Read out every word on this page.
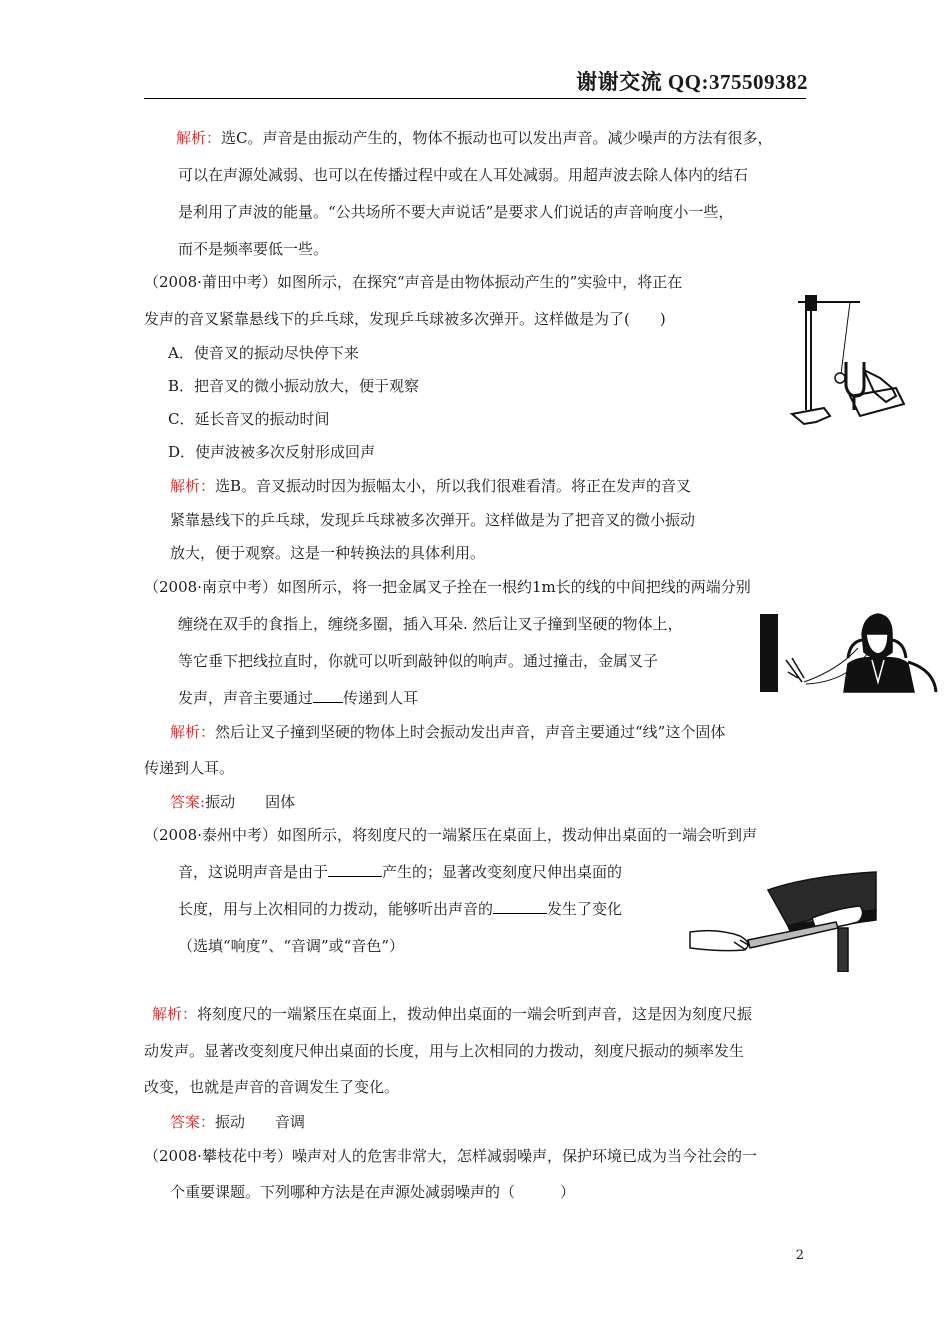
谢谢交流 QQ:375509382
解析：选C。声音是由振动产生的，物体不振动也可以发出声音。减少噪声的方法有很多，
可以在声源处减弱、也可以在传播过程中或在人耳处减弱。用超声波去除人体内的结石
是利用了声波的能量。“公共场所不要大声说话”是要求人们说话的声音响度小一些，
而不是频率要低一些。
（2008·莆田中考）如图所示，在探究“声音是由物体振动产生的”实验中，将正在
发声的音叉紧靠悬线下的乒乓球，发现乒乓球被多次弹开。这样做是为了(　　)
A．使音叉的振动尽快停下来
B．把音叉的微小振动放大，便于观察
C．延长音叉的振动时间
D．使声波被多次反射形成回声
解析：选B。音叉振动时因为振幅太小，所以我们很难看清。将正在发声的音叉
紧靠悬线下的乒乓球，发现乒乓球被多次弹开。这样做是为了把音叉的微小振动
放大，便于观察。这是一种转换法的具体利用。
（2008·南京中考）如图所示，将一把金属叉子拴在一根约1m长的线的中间把线的两端分别
缠绕在双手的食指上，缠绕多圈，插入耳朵. 然后让叉子撞到坚硬的物体上，
等它垂下把线拉直时，你就可以听到敲钟似的响声。通过撞击，金属叉子
发声，声音主要通过 传递到人耳
解析：然后让叉子撞到坚硬的物体上时会振动发出声音，声音主要通过“线”这个固体
传递到人耳。
答案:振动　　固体
（2008·泰州中考）如图所示，将刻度尺的一端紧压在桌面上，拨动伸出桌面的一端会听到声
音，这说明声音是由于	产生的；显著改变刻度尺伸出桌面的
长度，用与上次相同的力拨动，能够听出声音的	发生了变化
（选填“响度”、“音调”或“音色”）
解析：将刻度尺的一端紧压在桌面上，拨动伸出桌面的一端会听到声音，这是因为刻度尺振
动发声。显著改变刻度尺伸出桌面的长度，用与上次相同的力拨动，刻度尺振动的频率发生
改变，也就是声音的音调发生了变化。
答案：振动　　音调
（2008·攀枝花中考）噪声对人的危害非常大，怎样减弱噪声，保护环境已成为当今社会的一
个重要课题。下列哪种方法是在声源处减弱噪声的（　　　）
2
